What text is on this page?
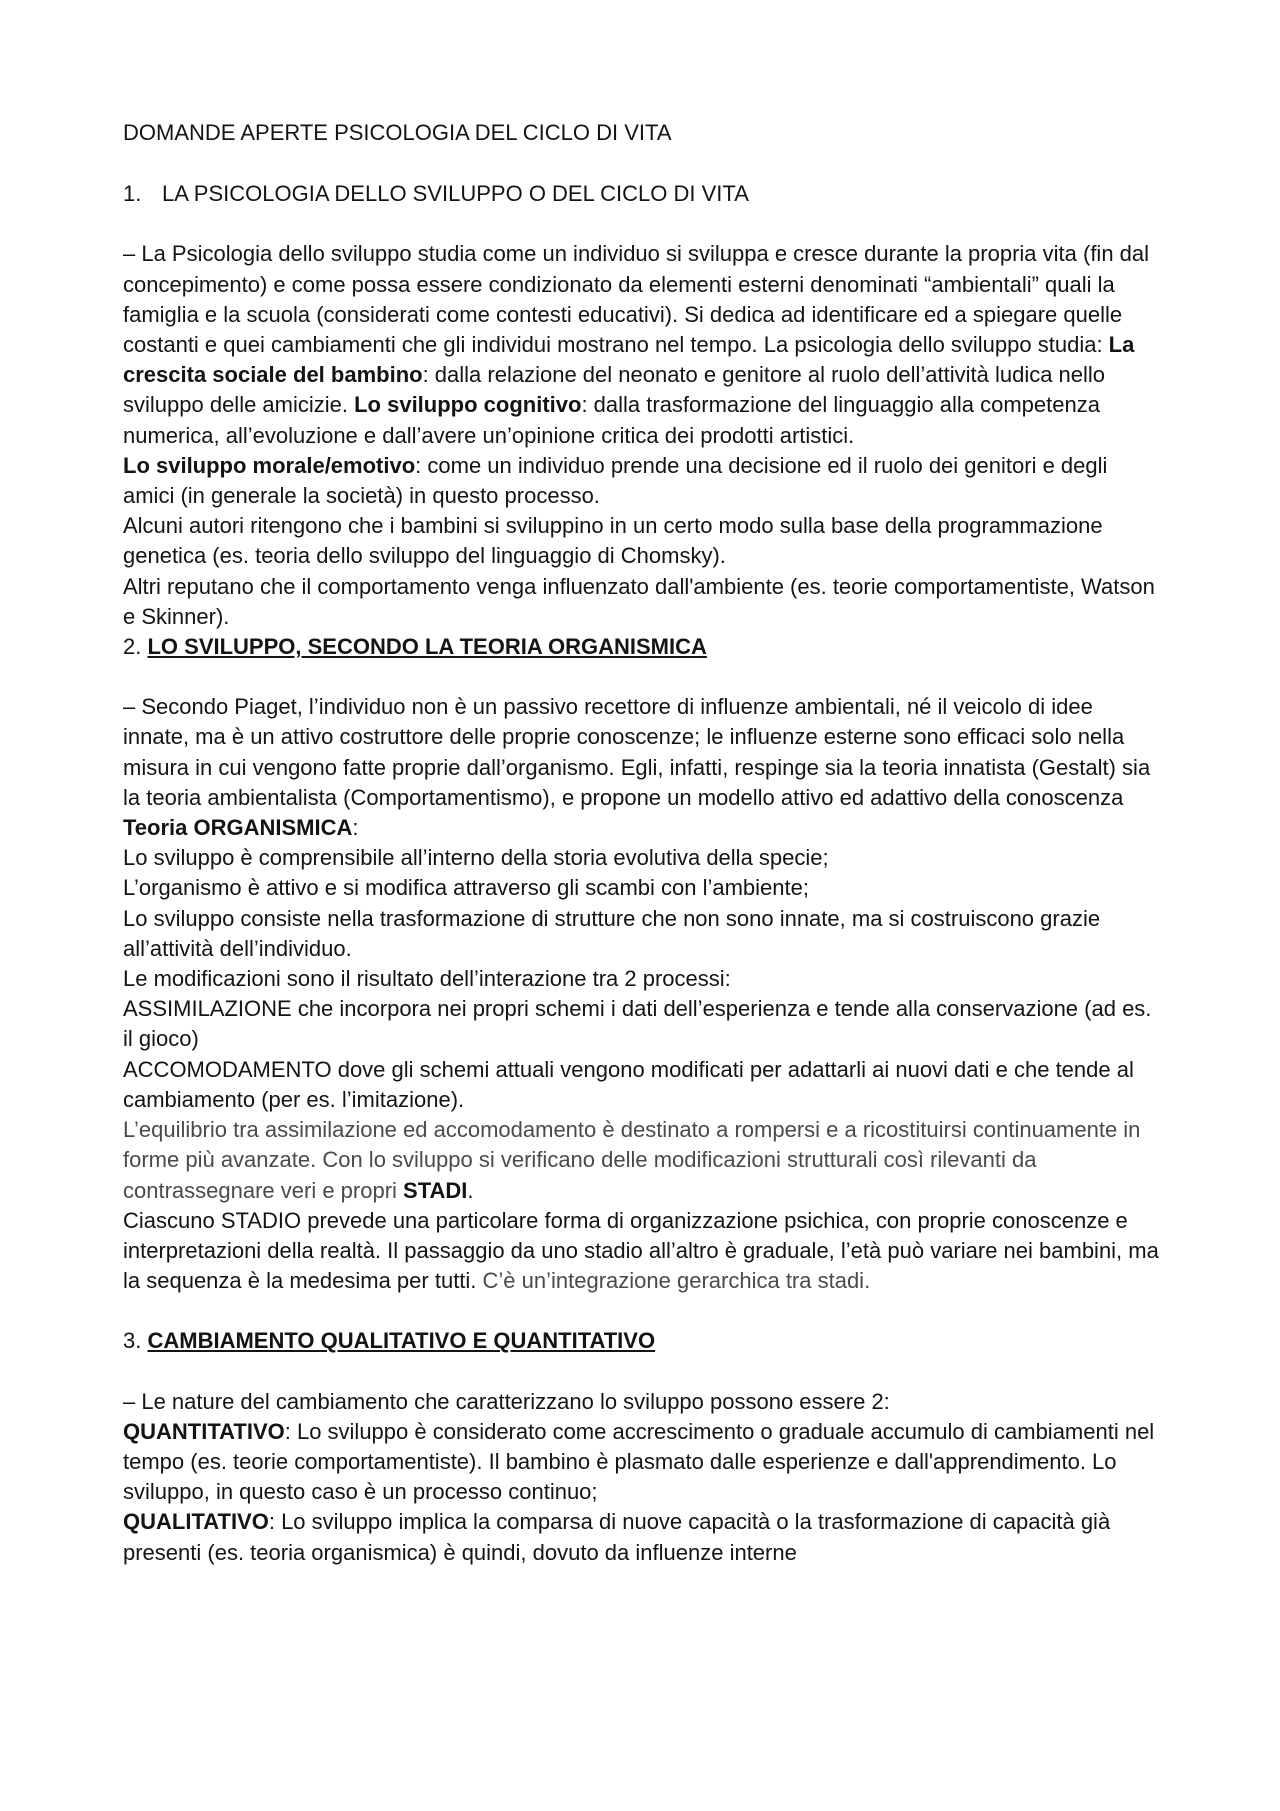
DOMANDE APERTE PSICOLOGIA DEL CICLO DI VITA

1. LA PSICOLOGIA DELLO SVILUPPO O DEL CICLO DI VITA

– La Psicologia dello sviluppo studia come un individuo si sviluppa e cresce durante la propria vita (fin dal concepimento) e come possa essere condizionato da elementi esterni denominati “ambientali” quali la famiglia e la scuola (considerati come contesti educativi). Si dedica ad identificare ed a spiegare quelle costanti e quei cambiamenti che gli individui mostrano nel tempo. La psicologia dello sviluppo studia: La crescita sociale del bambino: dalla relazione del neonato e genitore al ruolo dell’attività ludica nello sviluppo delle amicizie. Lo sviluppo cognitivo: dalla trasformazione del linguaggio alla competenza numerica, all’evoluzione e dall’avere un’opinione critica dei prodotti artistici.

Lo sviluppo morale/emotivo: come un individuo prende una decisione ed il ruolo dei genitori e degli amici (in generale la società) in questo processo.

Alcuni autori ritengono che i bambini si sviluppino in un certo modo sulla base della programmazione genetica (es. teoria dello sviluppo del linguaggio di Chomsky).

Altri reputano che il comportamento venga influenzato dall'ambiente (es. teorie comportamentiste, Watson e Skinner).

2. LO SVILUPPO, SECONDO LA TEORIA ORGANISMICA

– Secondo Piaget, l’individuo non è un passivo recettore di influenze ambientali, né il veicolo di idee innate, ma è un attivo costruttore delle proprie conoscenze; le influenze esterne sono efficaci solo nella misura in cui vengono fatte proprie dall’organismo. Egli, infatti, respinge sia la teoria innatista (Gestalt) sia la teoria ambientalista (Comportamentismo), e propone un modello attivo ed adattivo della conoscenza

Teoria ORGANISMICA:

Lo sviluppo è comprensibile all’interno della storia evolutiva della specie;

L’organismo è attivo e si modifica attraverso gli scambi con l’ambiente;

Lo sviluppo consiste nella trasformazione di strutture che non sono innate, ma si costruiscono grazie all’attività dell’individuo.

Le modificazioni sono il risultato dell’interazione tra 2 processi:

ASSIMILAZIONE che incorpora nei propri schemi i dati dell’esperienza e tende alla conservazione (ad es. il gioco)

ACCOMODAMENTO dove gli schemi attuali vengono modificati per adattarli ai nuovi dati e che tende al cambiamento (per es. l’imitazione).

L’equilibrio tra assimilazione ed accomodamento è destinato a rompersi e a ricostituirsi continuamente in forme più avanzate. Con lo sviluppo si verificano delle modificazioni strutturali così rilevanti da contrassegnare veri e propri STADI.

Ciascuno STADIO prevede una particolare forma di organizzazione psichica, con proprie conoscenze e interpretazioni della realtà. Il passaggio da uno stadio all’altro è graduale, l’età può variare nei bambini, ma la sequenza è la medesima per tutti. C’è un’integrazione gerarchica tra stadi.

3. CAMBIAMENTO QUALITATIVO E QUANTITATIVO

– Le nature del cambiamento che caratterizzano lo sviluppo possono essere 2:

QUANTITATIVO: Lo sviluppo è considerato come accrescimento o graduale accumulo di cambiamenti nel tempo (es. teorie comportamentiste). Il bambino è plasmato dalle esperienze e dall'apprendimento. Lo sviluppo, in questo caso è un processo continuo;

QUALITATIVO: Lo sviluppo implica la comparsa di nuove capacità o la trasformazione di capacità già presenti (es. teoria organismica) è quindi, dovuto da influenze interne
